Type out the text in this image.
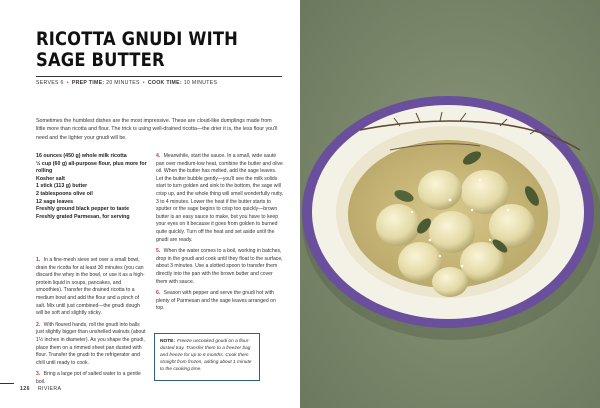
RICOTTA GNUDI WITH SAGE BUTTER
SERVES 6 • PREP TIME: 20 MINUTES • COOK TIME: 10 MINUTES

Sometimes the humblest dishes are the most impressive. These are cloud-like dumplings made from little more than ricotta and flour. The trick is using well-drained ricotta—the drier it is, the less flour you'll need and the lighter your gnudi will be.

16 ounces (450 g) whole milk ricotta
½ cup (60 g) all-purpose flour, plus more for rolling
Kosher salt
1 stick (113 g) butter
2 tablespoons olive oil
12 sage leaves
Freshly ground black pepper to taste
Freshly grated Parmesan, for serving

1. In a fine-mesh sieve set over a small bowl, drain the ricotta for at least 30 minutes (you can discard the whey in the bowl, or use it as a high-protein liquid in soups, pancakes, and smoothies). Transfer the drained ricotta to a medium bowl and add the flour and a pinch of salt. Mix until just combined—the gnudi dough will be soft and slightly sticky.

2. With floured hands, roll the gnudi into balls just slightly bigger than unshelled walnuts (about 1½ inches in diameter). As you shape the gnudi, place them on a rimmed sheet pan dusted with flour. Transfer the gnudi to the refrigerator and chill until ready to cook.

3. Bring a large pot of salted water to a gentle boil.

4. Meanwhile, start the sauce. In a small, wide sauté pan over medium-low heat, combine the butter and olive oil. When the butter has melted, add the sage leaves. Let the butter bubble gently—you'll see the milk solids start to turn golden and sink to the bottom, the sage will crisp up, and the whole thing will smell wonderfully nutty, 3 to 4 minutes. Lower the heat if the butter starts to sputter or the sage begins to crisp too quickly—brown butter is an easy sauce to make, but you have to keep your eyes on it because it goes from golden to burned quite quickly. Turn off the heat and set aside until the gnudi are ready.

5. When the water comes to a boil, working in batches, drop in the gnudi and cook until they float to the surface, about 3 minutes. Use a slotted spoon to transfer them directly into the pan with the brown butter and cover them with sauce.

6. Season with pepper and serve the gnudi hot with plenty of Parmesan and the sage leaves arranged on top.

NOTE: Freeze uncooked gnudi on a flour-dusted tray. Transfer them to a freezer bag and freeze for up to 6 months. Cook them straight from frozen, adding about 1 minute to the cooking time.
126 RIVIERA
